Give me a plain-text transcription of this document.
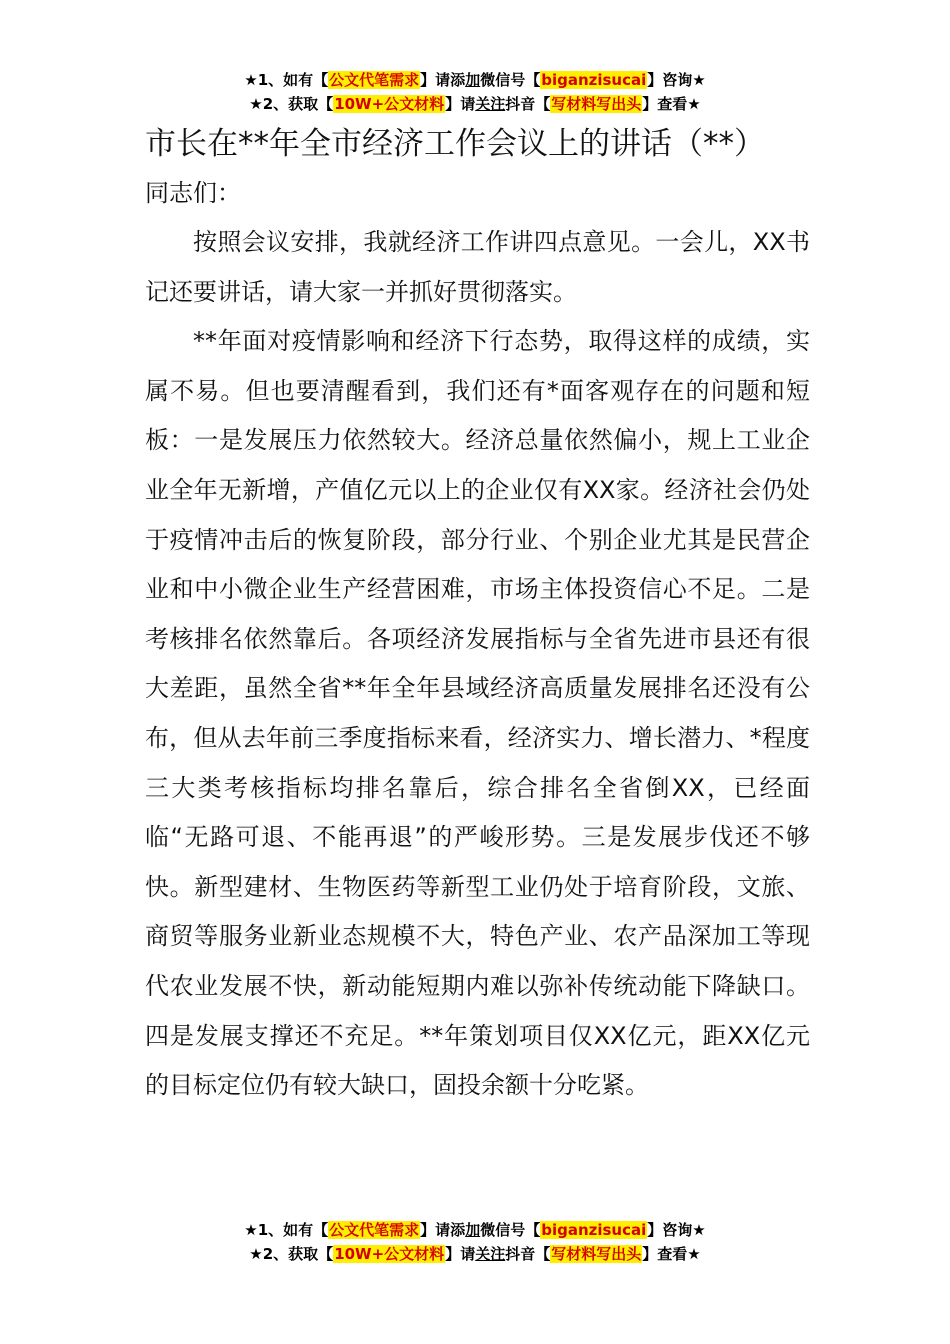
★1、如有【公文代笔需求】请添加微信号【biganzisucai】咨询★
★2、获取【10W+公文材料】请关注抖音【写材料写出头】查看★
市长在**年全市经济工作会议上的讲话（**）

同志们：

按照会议安排，我就经济工作讲四点意见。一会儿，XX书记还要讲话，请大家一并抓好贯彻落实。

**年面对疫情影响和经济下行态势，取得这样的成绩，实属不易。但也要清醒看到，我们还有*面客观存在的问题和短板：一是发展压力依然较大。经济总量依然偏小，规上工业企业全年无新增，产值亿元以上的企业仅有XX家。经济社会仍处于疫情冲击后的恢复阶段，部分行业、个别企业尤其是民营企业和中小微企业生产经营困难，市场主体投资信心不足。二是考核排名依然靠后。各项经济发展指标与全省先进市县还有很大差距，虽然全省**年全年县域经济高质量发展排名还没有公布，但从去年前三季度指标来看，经济实力、增长潜力、*程度三大类考核指标均排名靠后，综合排名全省倒XX，已经面临“无路可退、不能再退”的严峻形势。三是发展步伐还不够快。新型建材、生物医药等新型工业仍处于培育阶段，文旅、商贸等服务业新业态规模不大，特色产业、农产品深加工等现代农业发展不快，新动能短期内难以弥补传统动能下降缺口。四是发展支撑还不充足。**年策划项目仅XX亿元，距XX亿元的目标定位仍有较大缺口，固投余额十分吃紧。

★1、如有【公文代笔需求】请添加微信号【biganzisucai】咨询★
★2、获取【10W+公文材料】请关注抖音【写材料写出头】查看★
